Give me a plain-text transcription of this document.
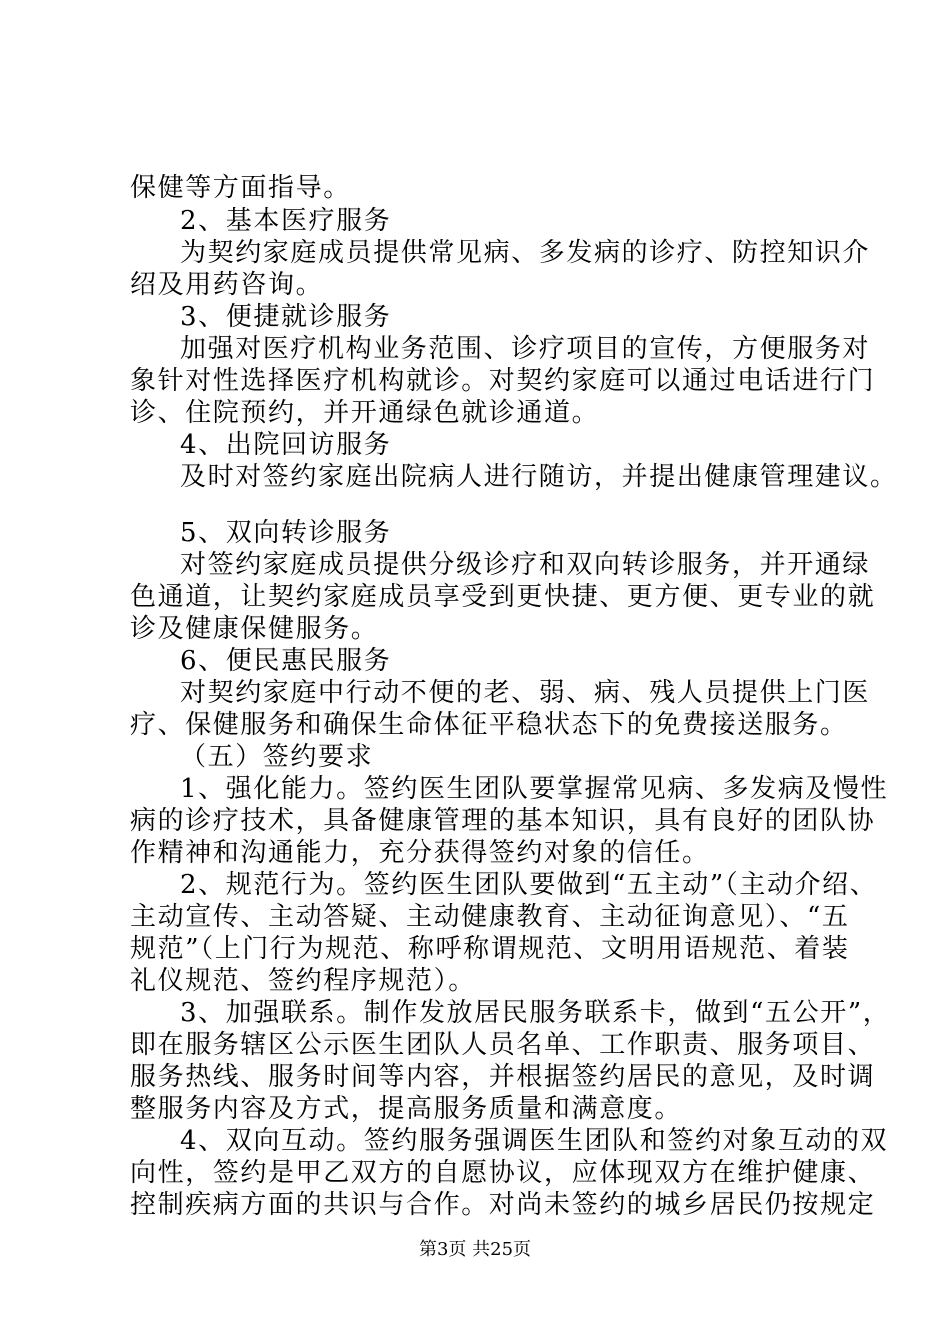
保健等方面指导。
2、基本医疗服务
为契约家庭成员提供常见病、多发病的诊疗、防控知识介
绍及用药咨询。
3、便捷就诊服务
加强对医疗机构业务范围、诊疗项目的宣传，方便服务对
象针对性选择医疗机构就诊。对契约家庭可以通过电话进行门
诊、住院预约，并开通绿色就诊通道。
4、出院回访服务
及时对签约家庭出院病人进行随访，并提出健康管理建议。
5、双向转诊服务
对签约家庭成员提供分级诊疗和双向转诊服务，并开通绿
色通道，让契约家庭成员享受到更快捷、更方便、更专业的就
诊及健康保健服务。
6、便民惠民服务
对契约家庭中行动不便的老、弱、病、残人员提供上门医
疗、保健服务和确保生命体征平稳状态下的免费接送服务。
（五）签约要求
1、强化能力。签约医生团队要掌握常见病、多发病及慢性
病的诊疗技术，具备健康管理的基本知识，具有良好的团队协
作精神和沟通能力，充分获得签约对象的信任。
2、规范行为。签约医生团队要做到“五主动”（主动介绍、
主动宣传、主动答疑、主动健康教育、主动征询意见）、“五
规范”（上门行为规范、称呼称谓规范、文明用语规范、着装
礼仪规范、签约程序规范）。
3、加强联系。制作发放居民服务联系卡，做到“五公开”，
即在服务辖区公示医生团队人员名单、工作职责、服务项目、
服务热线、服务时间等内容，并根据签约居民的意见，及时调
整服务内容及方式，提高服务质量和满意度。
4、双向互动。签约服务强调医生团队和签约对象互动的双
向性，签约是甲乙双方的自愿协议，应体现双方在维护健康、
控制疾病方面的共识与合作。对尚未签约的城乡居民仍按规定
第3页 共25页
